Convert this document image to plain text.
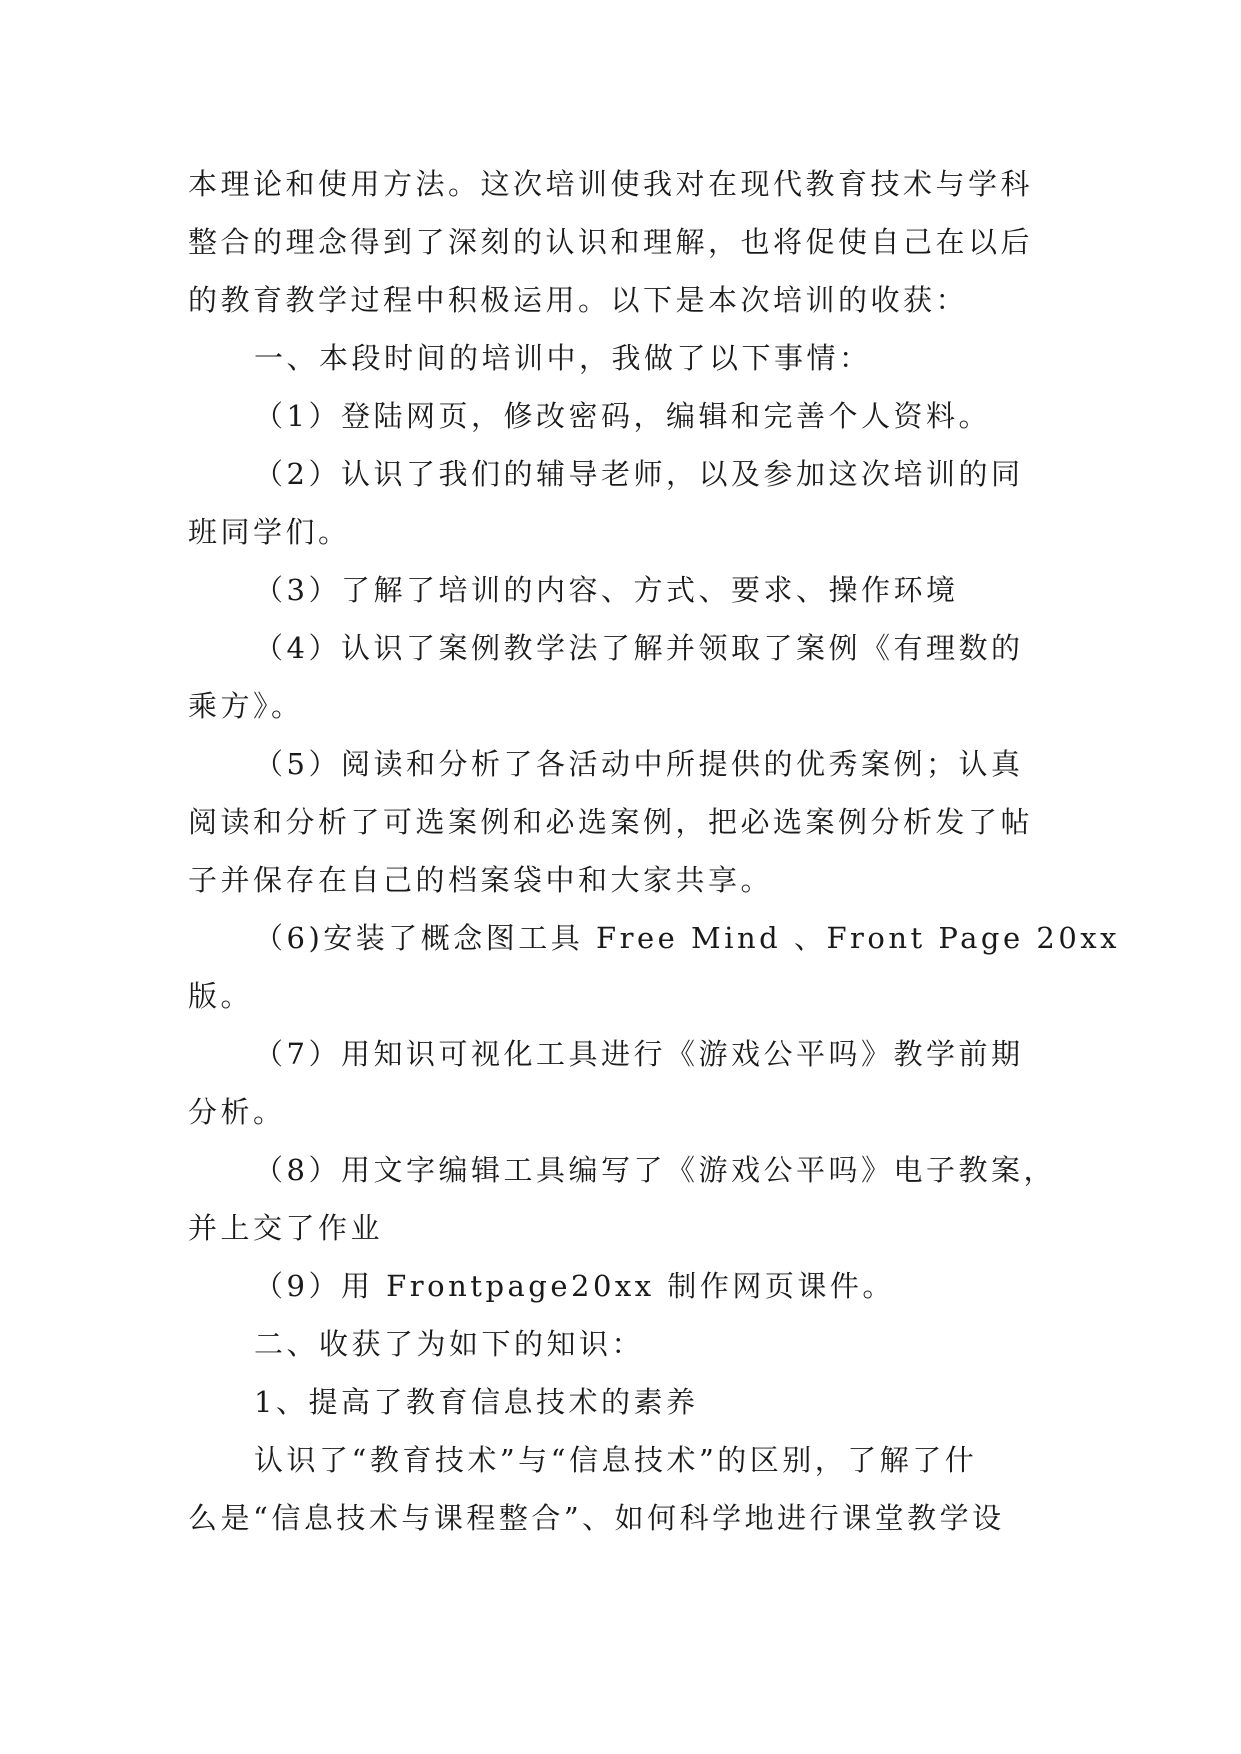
本理论和使用方法。这次培训使我对在现代教育技术与学科
整合的理念得到了深刻的认识和理解，也将促使自己在以后
的教育教学过程中积极运用。以下是本次培训的收获：
一、本段时间的培训中，我做了以下事情：
（1）登陆网页，修改密码，编辑和完善个人资料。
（2）认识了我们的辅导老师，以及参加这次培训的同
班同学们。
（3）了解了培训的内容、方式、要求、操作环境
（4）认识了案例教学法了解并领取了案例《有理数的
乘方》。
（5）阅读和分析了各活动中所提供的优秀案例；认真
阅读和分析了可选案例和必选案例，把必选案例分析发了帖
子并保存在自己的档案袋中和大家共享。
（6)安装了概念图工具 Free Mind 、Front Page 20xx
版。
（7）用知识可视化工具进行《游戏公平吗》教学前期
分析。
（8）用文字编辑工具编写了《游戏公平吗》电子教案，
并上交了作业
（9）用 Frontpage20xx 制作网页课件。
二、收获了为如下的知识：
1、提高了教育信息技术的素养
认识了“教育技术”与“信息技术”的区别，了解了什
么是“信息技术与课程整合”、如何科学地进行课堂教学设
